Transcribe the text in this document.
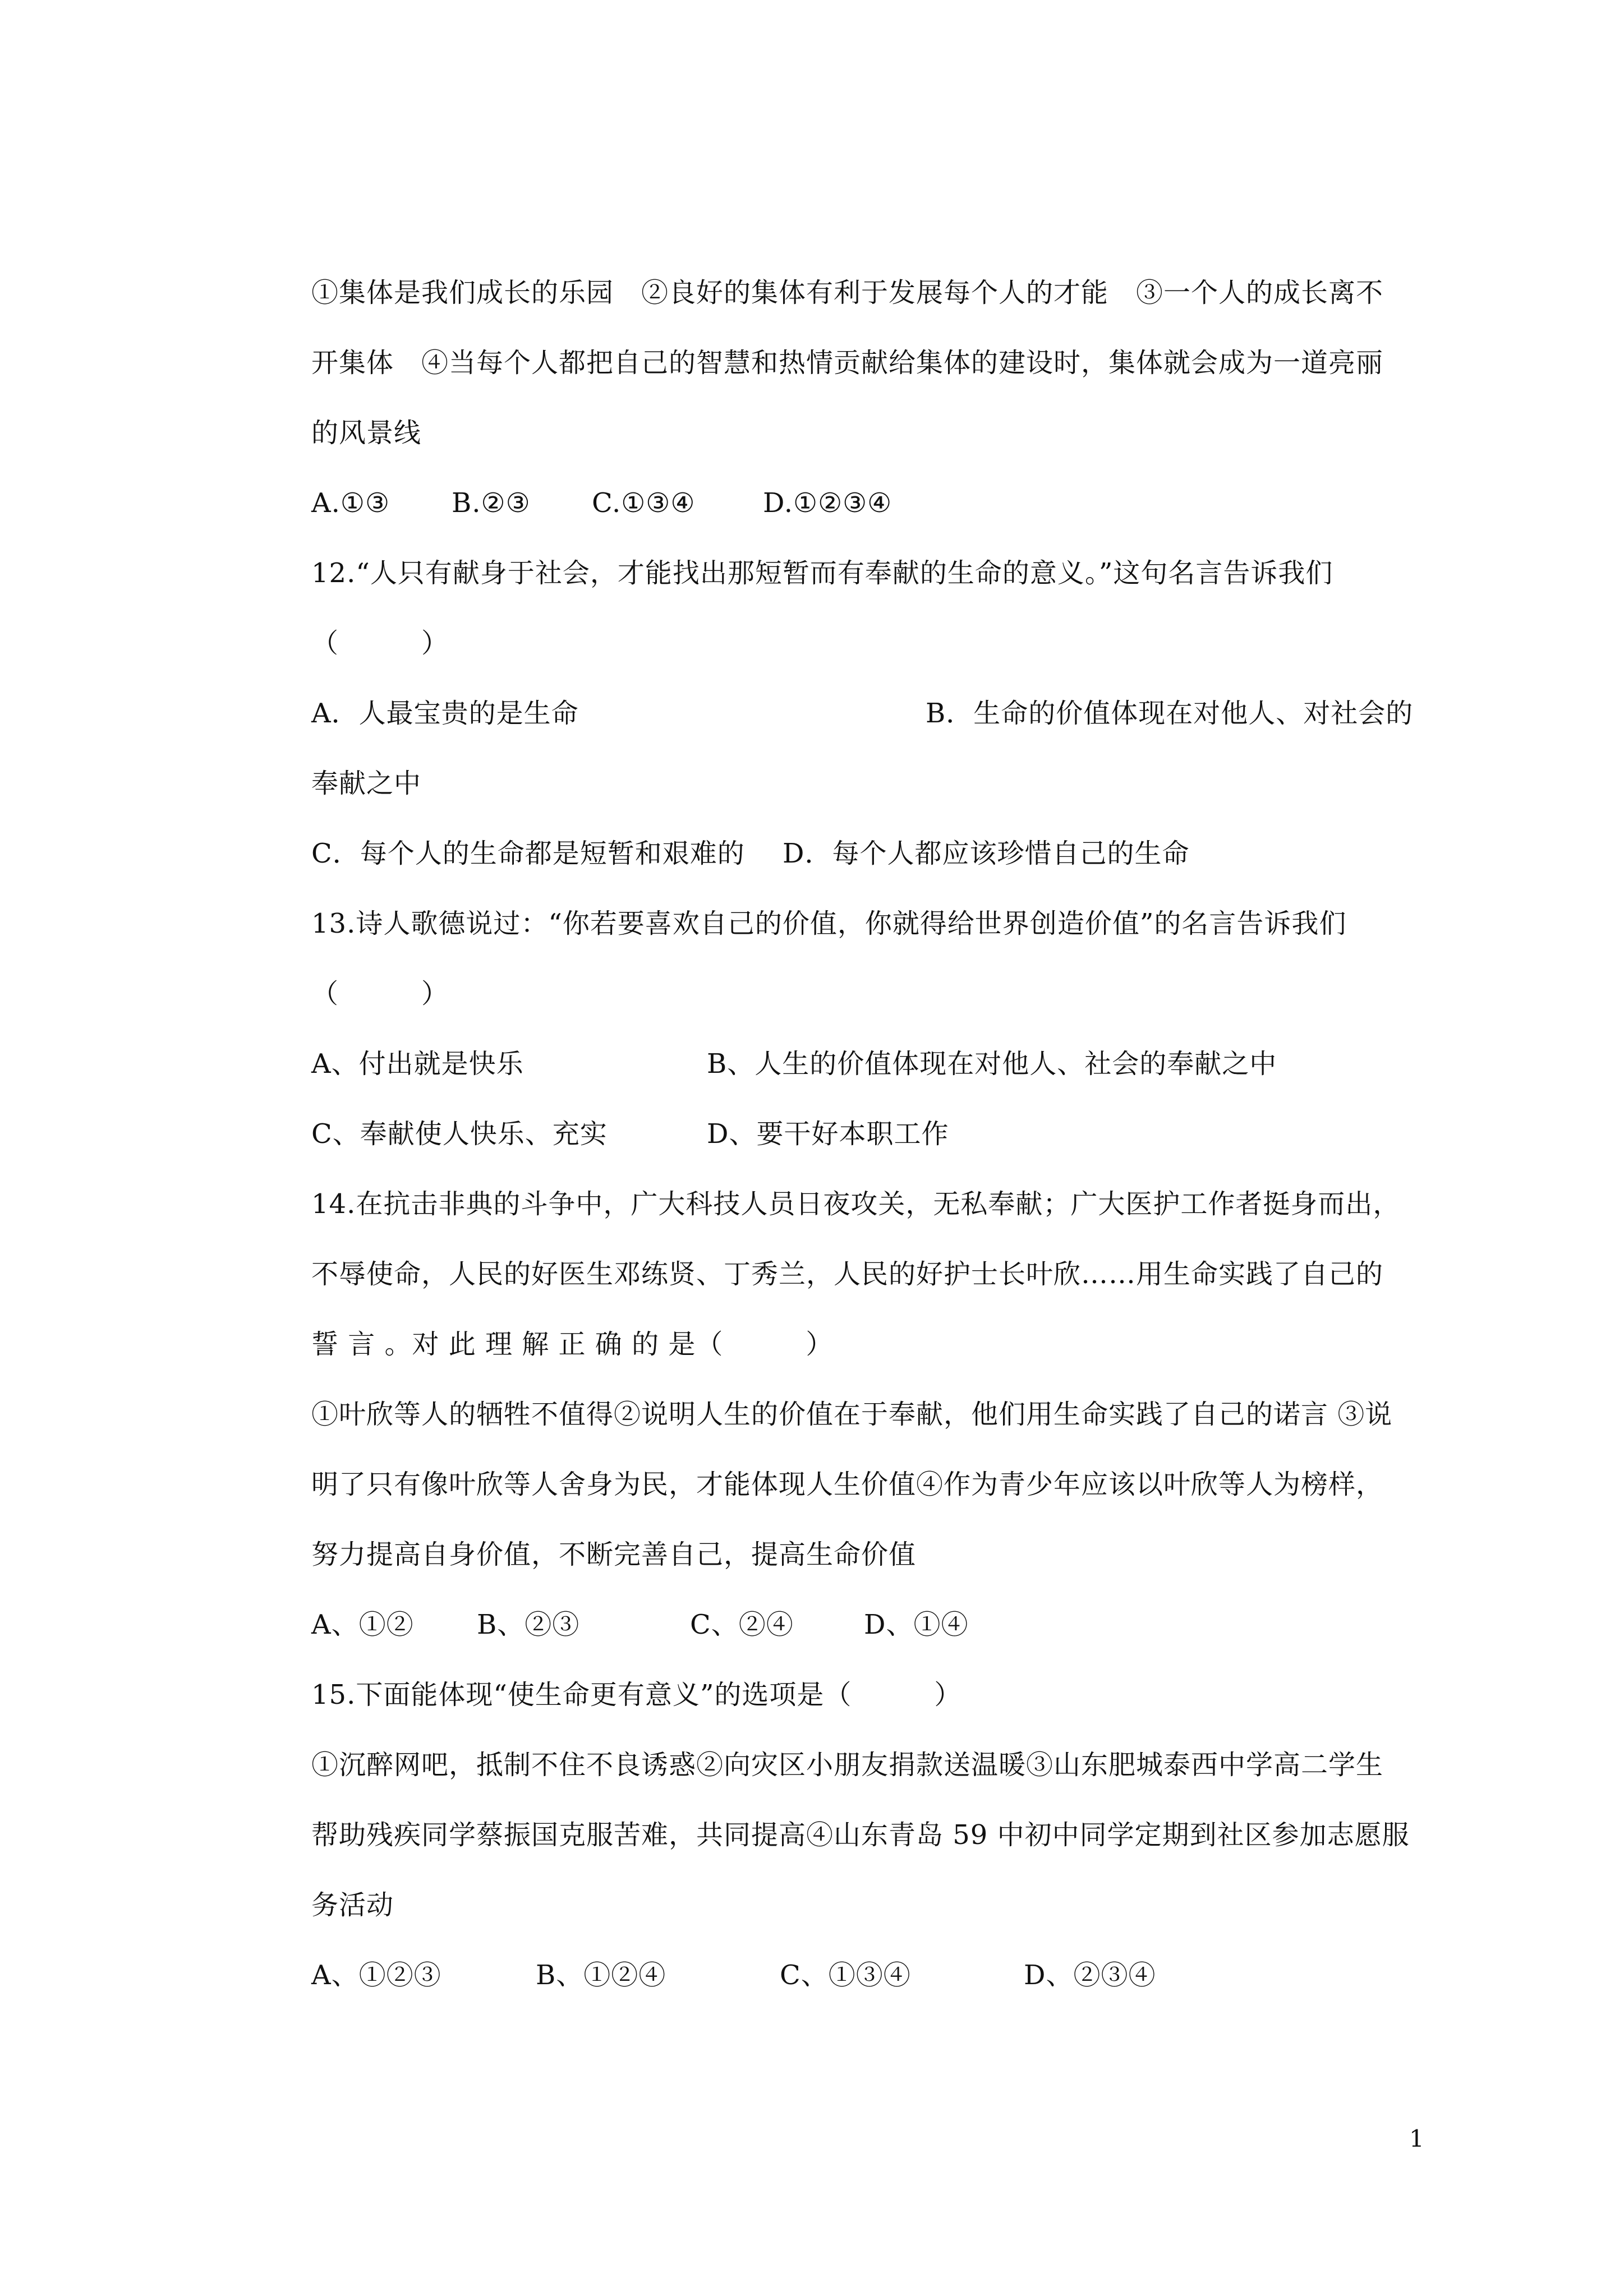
①集体是我们成长的乐园　②良好的集体有利于发展每个人的才能　③一个人的成长离不
开集体　④当每个人都把自己的智慧和热情贡献给集体的建设时，集体就会成为一道亮丽
的风景线
A.①③ B.②③ C.①③④	D.①②③④
12.“人只有献身于社会，才能找出那短暂而有奉献的生命的意义。”这句名言告诉我们
（　　　）
A．人最宝贵的是生命	B．生命的价值体现在对他人、对社会的
奉献之中
C．每个人的生命都是短暂和艰难的 D．每个人都应该珍惜自己的生命
13.诗人歌德说过：“你若要喜欢自己的价值，你就得给世界创造价值”的名言告诉我们
（　　　）
A、付出就是快乐	B、人生的价值体现在对他人、社会的奉献之中
C、奉献使人快乐、充实	D、要干好本职工作
14.在抗击非典的斗争中，广大科技人员日夜攻关，无私奉献；广大医护工作者挺身而出，
不辱使命，人民的好医生邓练贤、丁秀兰，人民的好护士长叶欣……用生命实践了自己的
誓 言 。对 此 理 解 正 确 的 是（　　　）
①叶欣等人的牺牲不值得②说明人生的价值在于奉献，他们用生命实践了自己的诺言 ③说
明了只有像叶欣等人舍身为民，才能体现人生价值④作为青少年应该以叶欣等人为榜样，
努力提高自身价值，不断完善自己，提高生命价值
A、①② B、②③	C、②④	D、①④
15.下面能体现“使生命更有意义”的选项是（　　　）
①沉醉网吧，抵制不住不良诱惑②向灾区小朋友捐款送温暖③山东肥城泰西中学高二学生
帮助残疾同学蔡振国克服苦难，共同提高④山东青岛 59 中初中同学定期到社区参加志愿服
务活动
A、①②③	B、①②④	C、①③④	D、②③④
1
